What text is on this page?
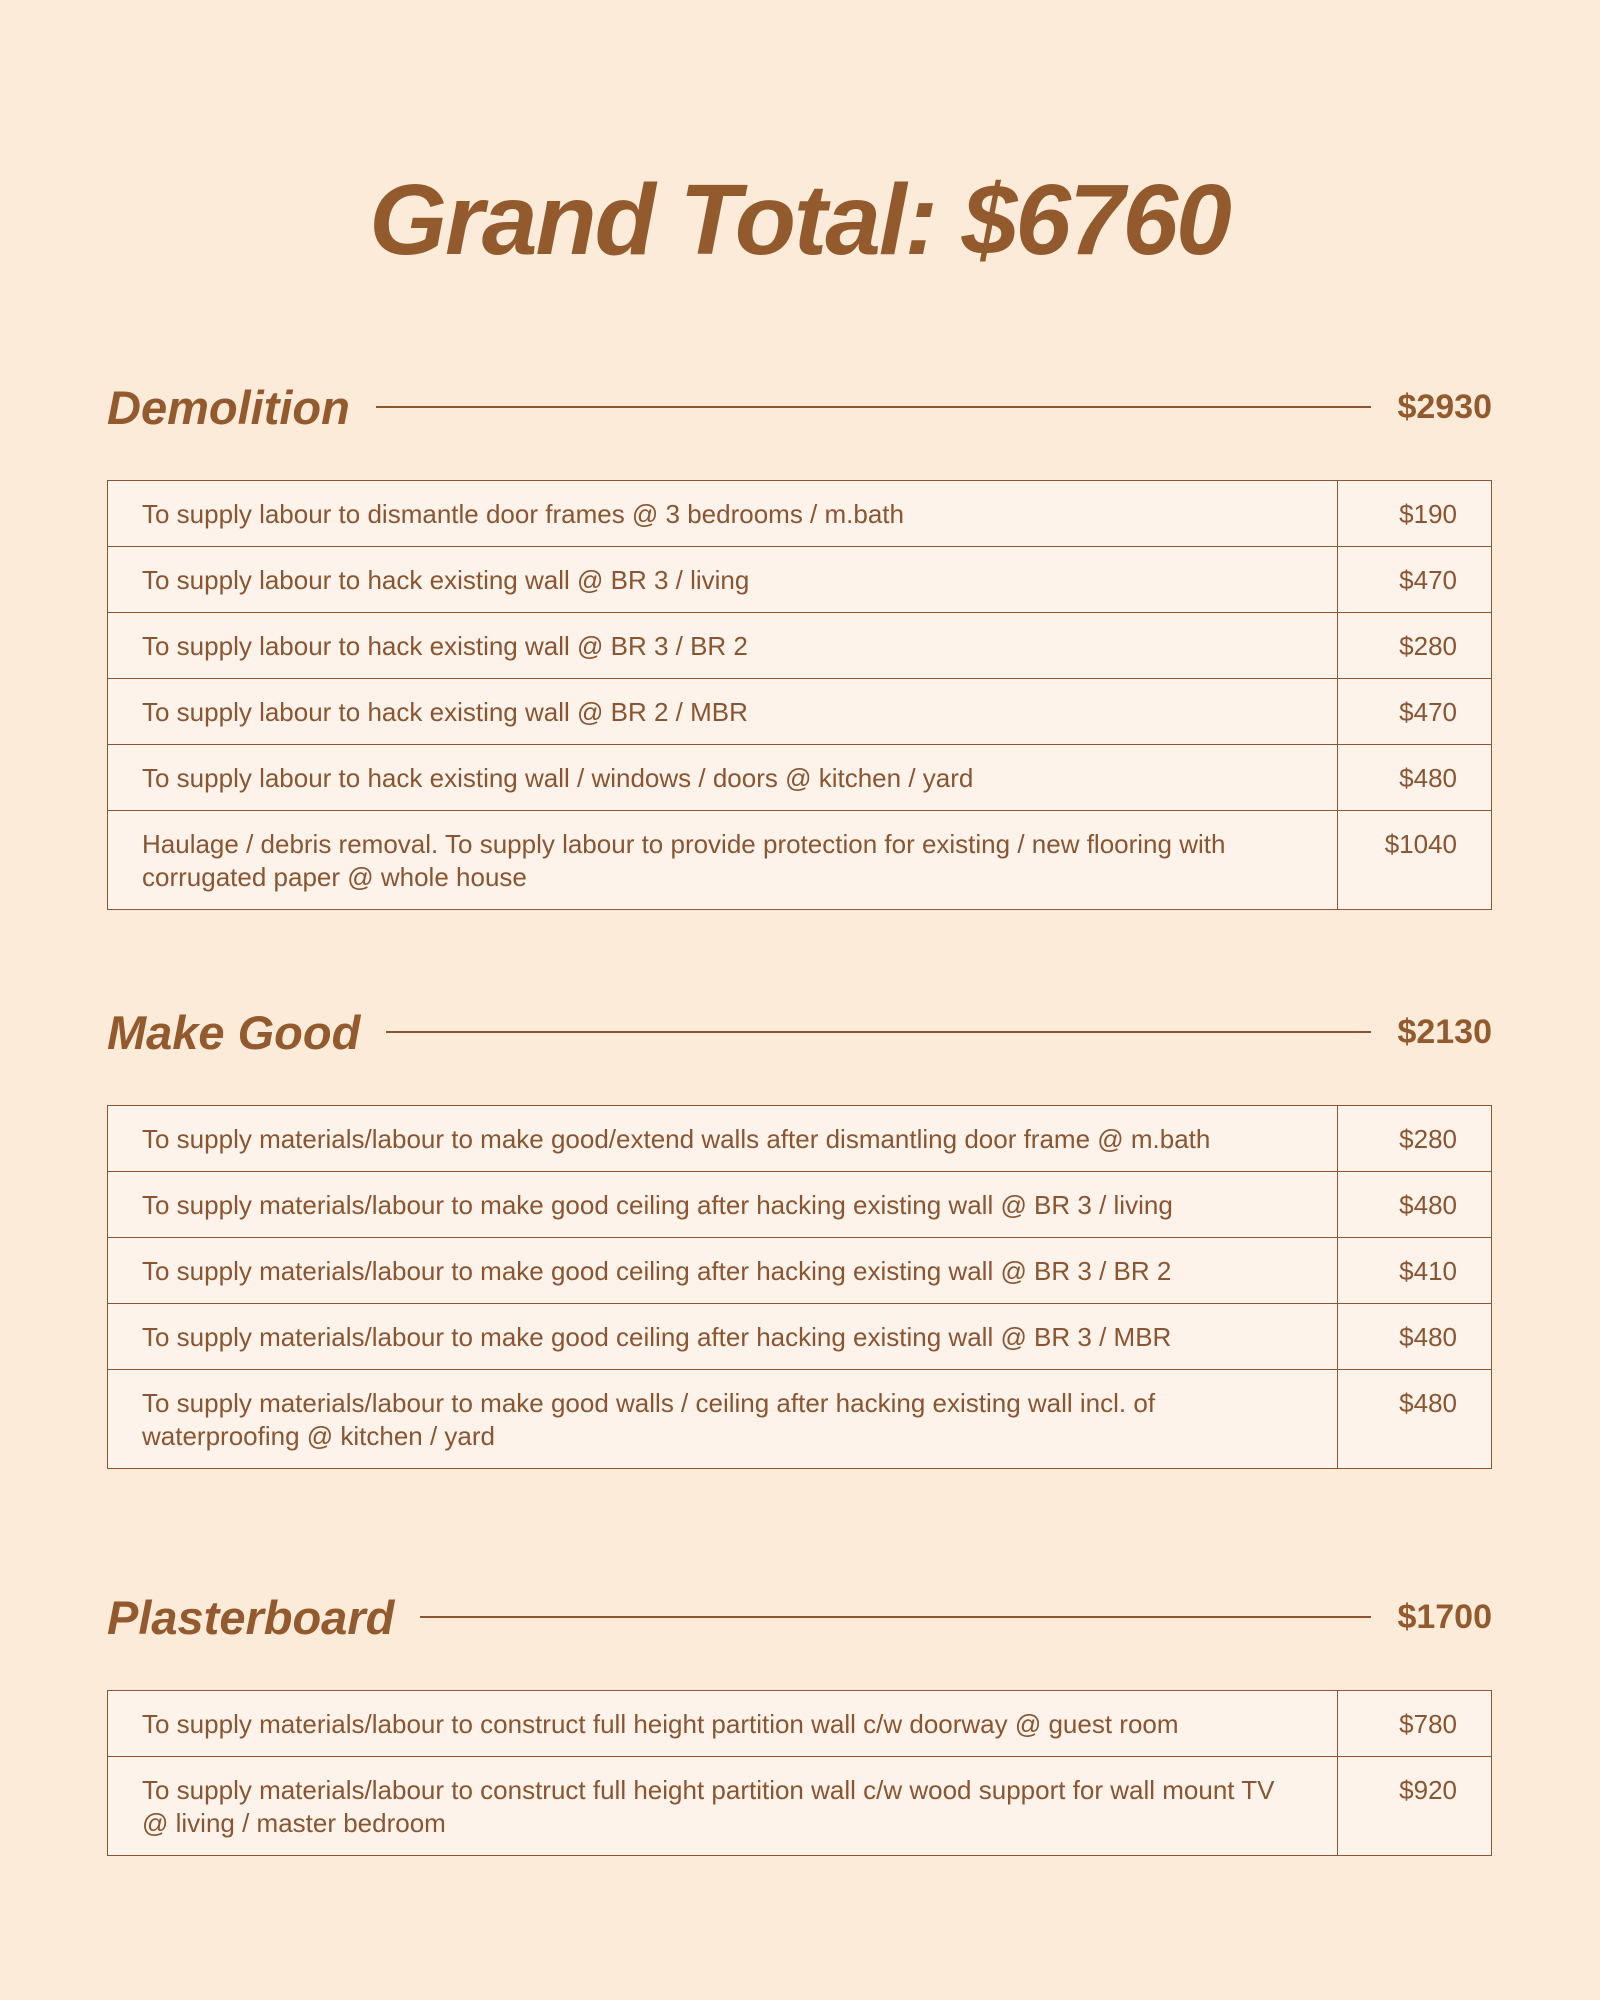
Grand Total: $6760
Demolition	$2930
To supply labour to dismantle door frames @ 3 bedrooms / m.bath	$190
To supply labour to hack existing wall @ BR 3 / living	$470
To supply labour to hack existing wall @ BR 3 / BR 2	$280
To supply labour to hack existing wall @ BR 2 / MBR	$470
To supply labour to hack existing wall / windows / doors @ kitchen / yard	$480
Haulage / debris removal. To supply labour to provide protection for existing / new flooring with corrugated paper @ whole house	$1040
Make Good	$2130
To supply materials/labour to make good/extend walls after dismantling door frame @ m.bath	$280
To supply materials/labour to make good ceiling after hacking existing wall @ BR 3 / living	$480
To supply materials/labour to make good ceiling after hacking existing wall @ BR 3 / BR 2	$410
To supply materials/labour to make good ceiling after hacking existing wall @ BR 3 / MBR	$480
To supply materials/labour to make good walls / ceiling after hacking existing wall incl. of waterproofing @ kitchen / yard	$480
Plasterboard	$1700
To supply materials/labour to construct full height partition wall c/w doorway @ guest room	$780
To supply materials/labour to construct full height partition wall c/w wood support for wall mount TV @ living / master bedroom	$920
